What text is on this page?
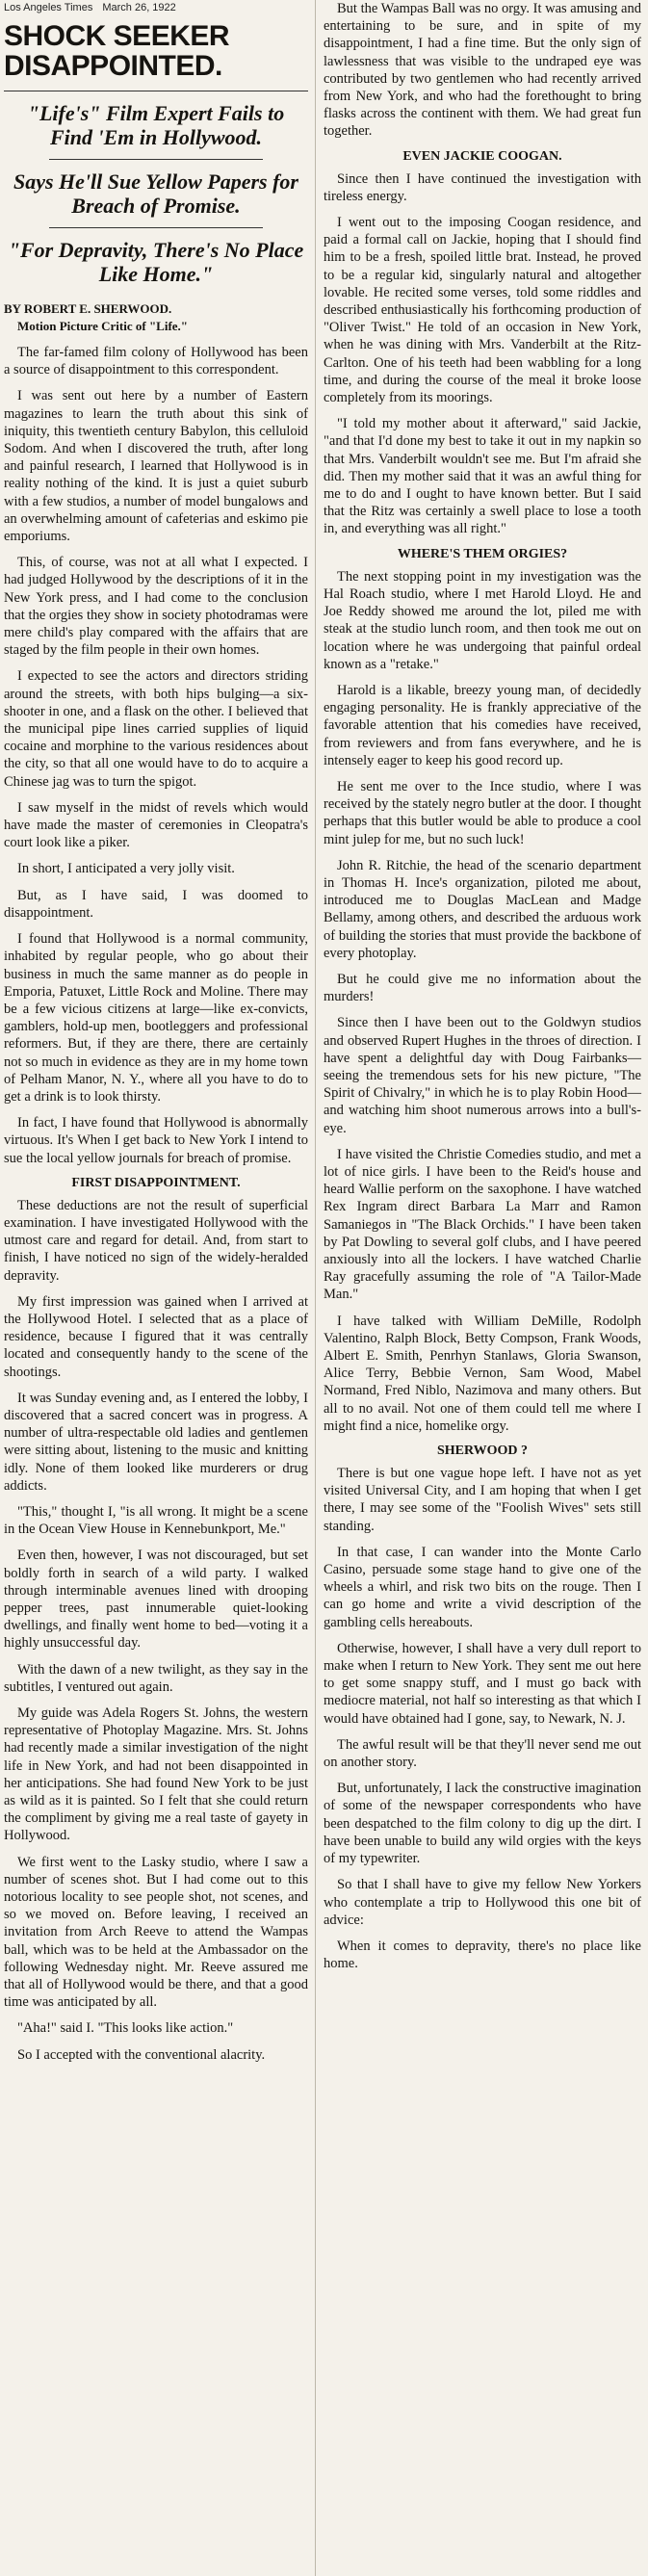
Los Angeles Times March 26, 1922
SHOCK SEEKER DISAPPOINTED.
"Life's" Film Expert Fails to Find 'Em in Hollywood.
Says He'll Sue Yellow Papers for Breach of Promise.
"For Depravity, There's No Place Like Home."
BY ROBERT E. SHERWOOD.
Motion Picture Critic of "Life."

The far-famed film colony of Hollywood has been a source of disappointment to this correspondent.

I was sent out here by a number of Eastern magazines to learn the truth about this sink of iniquity, this twentieth century Babylon, this celluloid Sodom. And when I discovered the truth, after long and painful research, I learned that Hollywood is in reality nothing of the kind. It is just a quiet suburb with a few studios, a number of model bungalows and an overwhelming amount of cafeterias and eskimo pie emporiums.

This, of course, was not at all what I expected. I had judged Hollywood by the descriptions of it in the New York press, and I had come to the conclusion that the orgies they show in society photodramas were mere child's play compared with the affairs that are staged by the film people in their own homes.

I expected to see the actors and directors striding around the streets, with both hips bulging—a six-shooter in one, and a flask on the other. I believed that the municipal pipe lines carried supplies of liquid cocaine and morphine to the various residences about the city, so that all one would have to do to acquire a Chinese jag was to turn the spigot.

I saw myself in the midst of revels which would have made the master of ceremonies in Cleopatra's court look like a piker.

In short, I anticipated a very jolly visit.

But, as I have said, I was doomed to disappointment.

I found that Hollywood is a normal community, inhabited by regular people, who go about their business in much the same manner as do people in Emporia, Patuxet, Little Rock and Moline. There may be a few vicious citizens at large—like ex-convicts, gamblers, hold-up men, bootleggers and professional reformers. But, if they are there, there are certainly not so much in evidence as they are in my home town of Pelham Manor, N. Y., where all you have to do to get a drink is to look thirsty.

In fact, I have found that Hollywood is abnormally virtuous. It's When I get back to New York I intend to sue the local yellow journals for breach of promise.

FIRST DISAPPOINTMENT.

These deductions are not the result of superficial examination. I have investigated Hollywood with the utmost care and regard for detail. And, from start to finish, I have noticed no sign of the widely-heralded depravity.

My first impression was gained when I arrived at the Hollywood Hotel. I selected that as a place of residence, because I figured that it was centrally located and consequently handy to the scene of the shootings.

It was Sunday evening and, as I entered the lobby, I discovered that a sacred concert was in progress. A number of ultra-respectable old ladies and gentlemen were sitting about, listening to the music and knitting idly. None of them looked like murderers or drug addicts.

"This," thought I, "is all wrong. It might be a scene in the Ocean View House in Kennebunkport, Me."

Even then, however, I was not discouraged, but set boldly forth in search of a wild party. I walked through interminable avenues lined with drooping pepper trees, past innumerable quiet-looking dwellings, and finally went home to bed—voting it a highly unsuccessful day.

With the dawn of a new twilight, as they say in the subtitles, I ventured out again.

My guide was Adela Rogers St. Johns, the western representative of Photoplay Magazine. Mrs. St. Johns had recently made a similar investigation of the night life in New York, and had not been disappointed in her anticipations. She had found New York to be just as wild as it is painted. So I felt that she could return the compliment by giving me a real taste of gayety in Hollywood.

We first went to the Lasky studio, where I saw a number of scenes shot. But I had come out to this notorious locality to see people shot, not scenes, and so we moved on. Before leaving, I received an invitation from Arch Reeve to attend the Wampas ball, which was to be held at the Ambassador on the following Wednesday night. Mr. Reeve assured me that all of Hollywood would be there, and that a good time was anticipated by all.

"Aha!" said I. "This looks like action."

So I accepted with the conventional alacrity.

But the Wampas Ball was no orgy. It was amusing and entertaining to be sure, and in spite of my disappointment, I had a fine time. But the only sign of lawlessness that was visible to the undraped eye was contributed by two gentlemen who had recently arrived from New York, and who had the forethought to bring flasks across the continent with them. We had great fun together.

EVEN JACKIE COOGAN.

Since then I have continued the investigation with tireless energy.

I went out to the imposing Coogan residence, and paid a formal call on Jackie, hoping that I should find him to be a fresh, spoiled little brat. Instead, he proved to be a regular kid, singularly natural and altogether lovable. He recited some verses, told some riddles and described enthusiastically his forthcoming production of "Oliver Twist." He told of an occasion in New York, when he was dining with Mrs. Vanderbilt at the Ritz-Carlton. One of his teeth had been wabbling for a long time, and during the course of the meal it broke loose completely from its moorings.

"I told my mother about it afterward," said Jackie, "and that I'd done my best to take it out in my napkin so that Mrs. Vanderbilt wouldn't see me. But I'm afraid she did. Then my mother said that it was an awful thing for me to do and I ought to have known better. But I said that the Ritz was certainly a swell place to lose a tooth in, and everything was all right."

WHERE'S THEM ORGIES?

The next stopping point in my investigation was the Hal Roach studio, where I met Harold Lloyd. He and Joe Reddy showed me around the lot, piled me with steak at the studio lunch room, and then took me out on location where he was undergoing that painful ordeal known as a "retake."

Harold is a likable, breezy young man, of decidedly engaging personality. He is frankly appreciative of the favorable attention that his comedies have received, from reviewers and from fans everywhere, and he is intensely eager to keep his good record up.

He sent me over to the Ince studio, where I was received by the stately negro butler at the door. I thought perhaps that this butler would be able to produce a cool mint julep for me, but no such luck!

John R. Ritchie, the head of the scenario department in Thomas H. Ince's organization, piloted me about, introduced me to Douglas MacLean and Madge Bellamy, among others, and described the arduous work of building the stories that must provide the backbone of every photoplay.

But he could give me no information about the murders!

Since then I have been out to the Goldwyn studios and observed Rupert Hughes in the throes of direction. I have spent a delightful day with Doug Fairbanks—seeing the tremendous sets for his new picture, "The Spirit of Chivalry," in which he is to play Robin Hood—and watching him shoot numerous arrows into a bull's-eye.

I have visited the Christie Comedies studio, and met a lot of nice girls. I have been to the Reid's house and heard Wallie perform on the saxophone. I have watched Rex Ingram direct Barbara La Marr and Ramon Samaniegos in "The Black Orchids." I have been taken by Pat Dowling to several golf clubs, and I have peered anxiously into all the lockers. I have watched Charlie Ray gracefully assuming the role of "A Tailor-Made Man."

I have talked with William DeMille, Rodolph Valentino, Ralph Block, Betty Compson, Frank Woods, Albert E. Smith, Penrhyn Stanlaws, Gloria Swanson, Alice Terry, Bebbie Vernon, Sam Wood, Mabel Normand, Fred Niblo, Nazimova and many others. But all to no avail. Not one of them could tell me where I might find a nice, homelike orgy.

SHERWOOD ?

There is but one vague hope left. I have not as yet visited Universal City, and I am hoping that when I get there, I may see some of the "Foolish Wives" sets still standing.

In that case, I can wander into the Monte Carlo Casino, persuade some stage hand to give one of the wheels a whirl, and risk two bits on the rouge. Then I can go home and write a vivid description of the gambling cells hereabouts.

Otherwise, however, I shall have a very dull report to make when I return to New York. They sent me out here to get some snappy stuff, and I must go back with mediocre material, not half so interesting as that which I would have obtained had I gone, say, to Newark, N. J.

The awful result will be that they'll never send me out on another story.

But, unfortunately, I lack the constructive imagination of some of the newspaper correspondents who have been despatched to the film colony to dig up the dirt. I have been unable to build any wild orgies with the keys of my typewriter.

So that I shall have to give my fellow New Yorkers who contemplate a trip to Hollywood this one bit of advice:

When it comes to depravity, there's no place like home.
